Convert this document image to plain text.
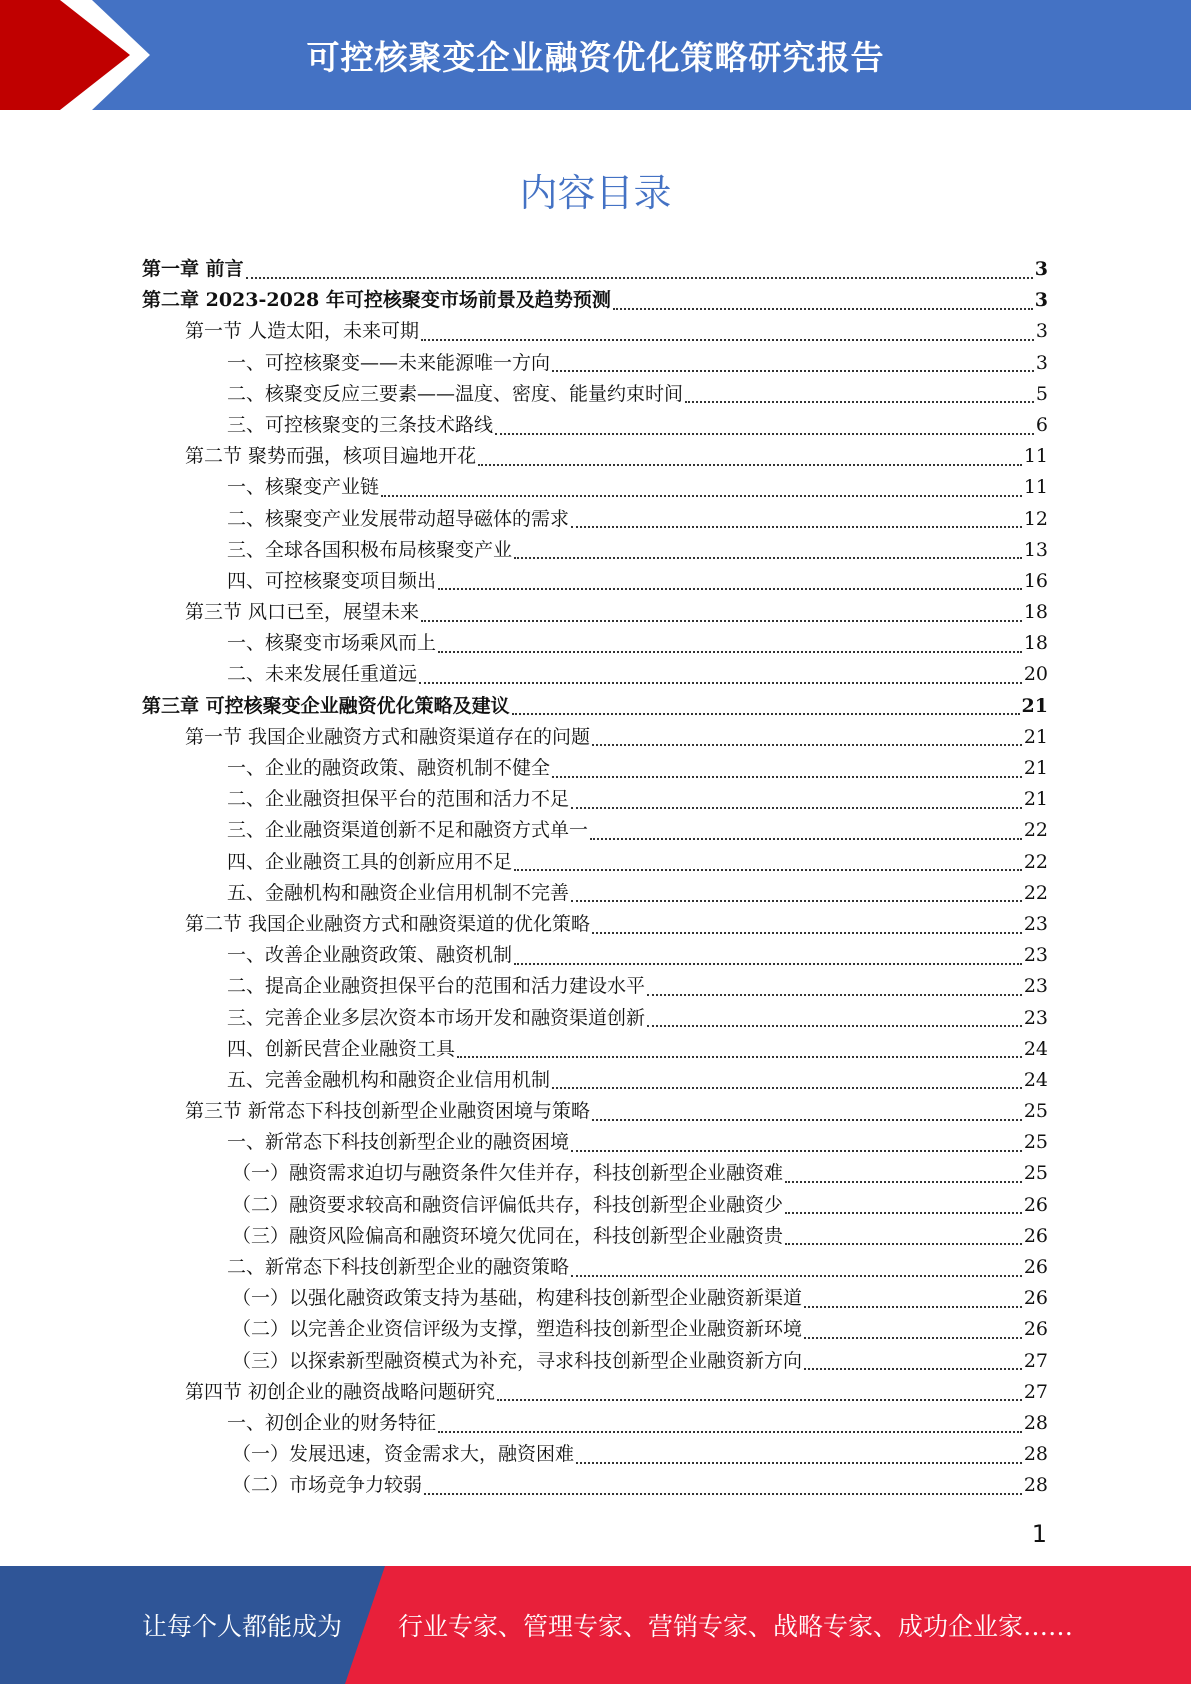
可控核聚变企业融资优化策略研究报告
内容目录
第一章 前言	3
第二章 2023-2028 年可控核聚变市场前景及趋势预测	3
第一节 人造太阳，未来可期	3
一、可控核聚变——未来能源唯一方向	3
二、核聚变反应三要素——温度、密度、能量约束时间	5
三、可控核聚变的三条技术路线	6
第二节 聚势而强，核项目遍地开花	11
一、核聚变产业链	11
二、核聚变产业发展带动超导磁体的需求	12
三、全球各国积极布局核聚变产业	13
四、可控核聚变项目频出	16
第三节 风口已至，展望未来	18
一、核聚变市场乘风而上	18
二、未来发展任重道远	20
第三章 可控核聚变企业融资优化策略及建议	21
第一节 我国企业融资方式和融资渠道存在的问题	21
一、企业的融资政策、融资机制不健全	21
二、企业融资担保平台的范围和活力不足	21
三、企业融资渠道创新不足和融资方式单一	22
四、企业融资工具的创新应用不足	22
五、金融机构和融资企业信用机制不完善	22
第二节 我国企业融资方式和融资渠道的优化策略	23
一、改善企业融资政策、融资机制	23
二、提高企业融资担保平台的范围和活力建设水平	23
三、完善企业多层次资本市场开发和融资渠道创新	23
四、创新民营企业融资工具	24
五、完善金融机构和融资企业信用机制	24
第三节 新常态下科技创新型企业融资困境与策略	25
一、新常态下科技创新型企业的融资困境	25
（一）融资需求迫切与融资条件欠佳并存，科技创新型企业融资难	25
（二）融资要求较高和融资信评偏低共存，科技创新型企业融资少	26
（三）融资风险偏高和融资环境欠优同在，科技创新型企业融资贵	26
二、新常态下科技创新型企业的融资策略	26
（一）以强化融资政策支持为基础，构建科技创新型企业融资新渠道	26
（二）以完善企业资信评级为支撑，塑造科技创新型企业融资新环境	26
（三）以探索新型融资模式为补充，寻求科技创新型企业融资新方向	27
第四节 初创企业的融资战略问题研究	27
一、初创企业的财务特征	28
（一）发展迅速，资金需求大，融资困难	28
（二）市场竞争力较弱	28
1
让每个人都能成为 行业专家、管理专家、营销专家、战略专家、成功企业家……
